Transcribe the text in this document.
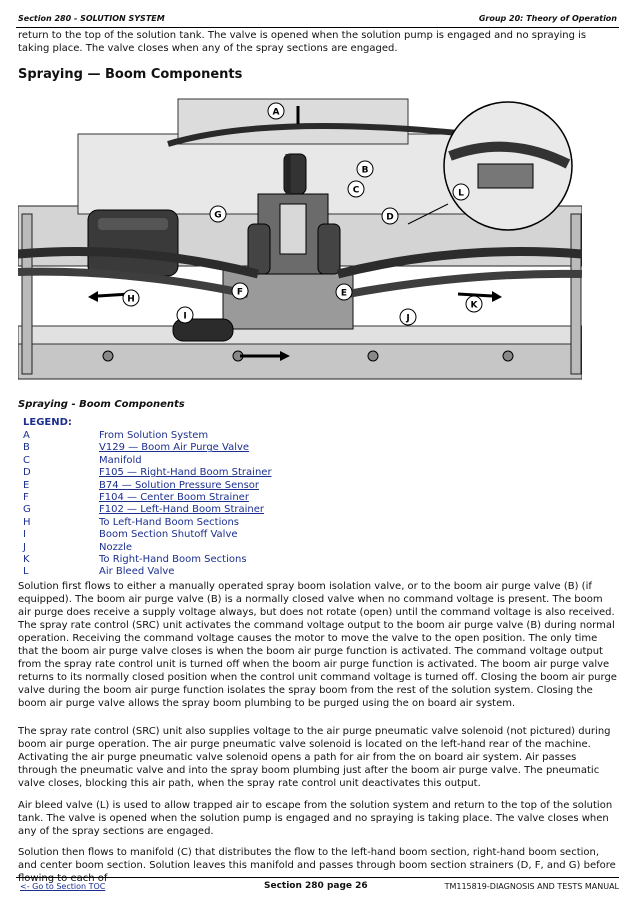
Section 280 - SOLUTION SYSTEM	Group 20: Theory of Operation

return to the top of the solution tank. The valve is opened when the solution pump is engaged and no spraying is taking place. The valve closes when any of the spray sections are engaged.

Spraying — Boom Components
A
B
C
D
E
F
G
H
I	J
K
L

Spraying - Boom Components

LEGEND:
A	From Solution System
B	V129 — Boom Air Purge Valve
C	Manifold
D	F105 — Right-Hand Boom Strainer
E	B74 — Solution Pressure Sensor
F	F104 — Center Boom Strainer
G	F102 — Left-Hand Boom Strainer
H	To Left-Hand Boom Sections
I	Boom Section Shutoff Valve
J	Nozzle
K	To Right-Hand Boom Sections
L	Air Bleed Valve

Solution first flows to either a manually operated spray boom isolation valve, or to the boom air purge valve (B) (if equipped). The boom air purge valve (B) is a normally closed valve when no command voltage is present. The boom air purge does receive a supply voltage always, but does not rotate (open) until the command voltage is also received. The spray rate control (SRC) unit activates the command voltage output to the boom air purge valve (B) during normal operation. Receiving the command voltage causes the motor to move the valve to the open position. The only time that the boom air purge valve closes is when the boom air purge function is activated. The command voltage output from the spray rate control unit is turned off when the boom air purge function is activated. The boom air purge valve returns to its normally closed position when the control unit command voltage is turned off. Closing the boom air purge valve during the boom air purge function isolates the spray boom from the rest of the solution system. Closing the boom air purge valve allows the spray boom plumbing to be purged using the on board air system.

The spray rate control (SRC) unit also supplies voltage to the air purge pneumatic valve solenoid (not pictured) during boom air purge operation. The air purge pneumatic valve solenoid is located on the left-hand rear of the machine. Activating the air purge pneumatic valve solenoid opens a path for air from the on board air system. Air passes through the pneumatic valve and into the spray boom plumbing just after the boom air purge valve. The pneumatic valve closes, blocking this air path, when the spray rate control unit deactivates this output.

Air bleed valve (L) is used to allow trapped air to escape from the solution system and return to the top of the solution tank. The valve is opened when the solution pump is engaged and no spraying is taking place. The valve closes when any of the spray sections are engaged.

Solution then flows to manifold (C) that distributes the flow to the left-hand boom section, right-hand boom section, and center boom section. Solution leaves this manifold and passes through boom section strainers (D, F, and G) before flowing to each of

<- Go to Section TOC	Section 280 page 26	TM115819-DIAGNOSIS AND TESTS MANUAL
